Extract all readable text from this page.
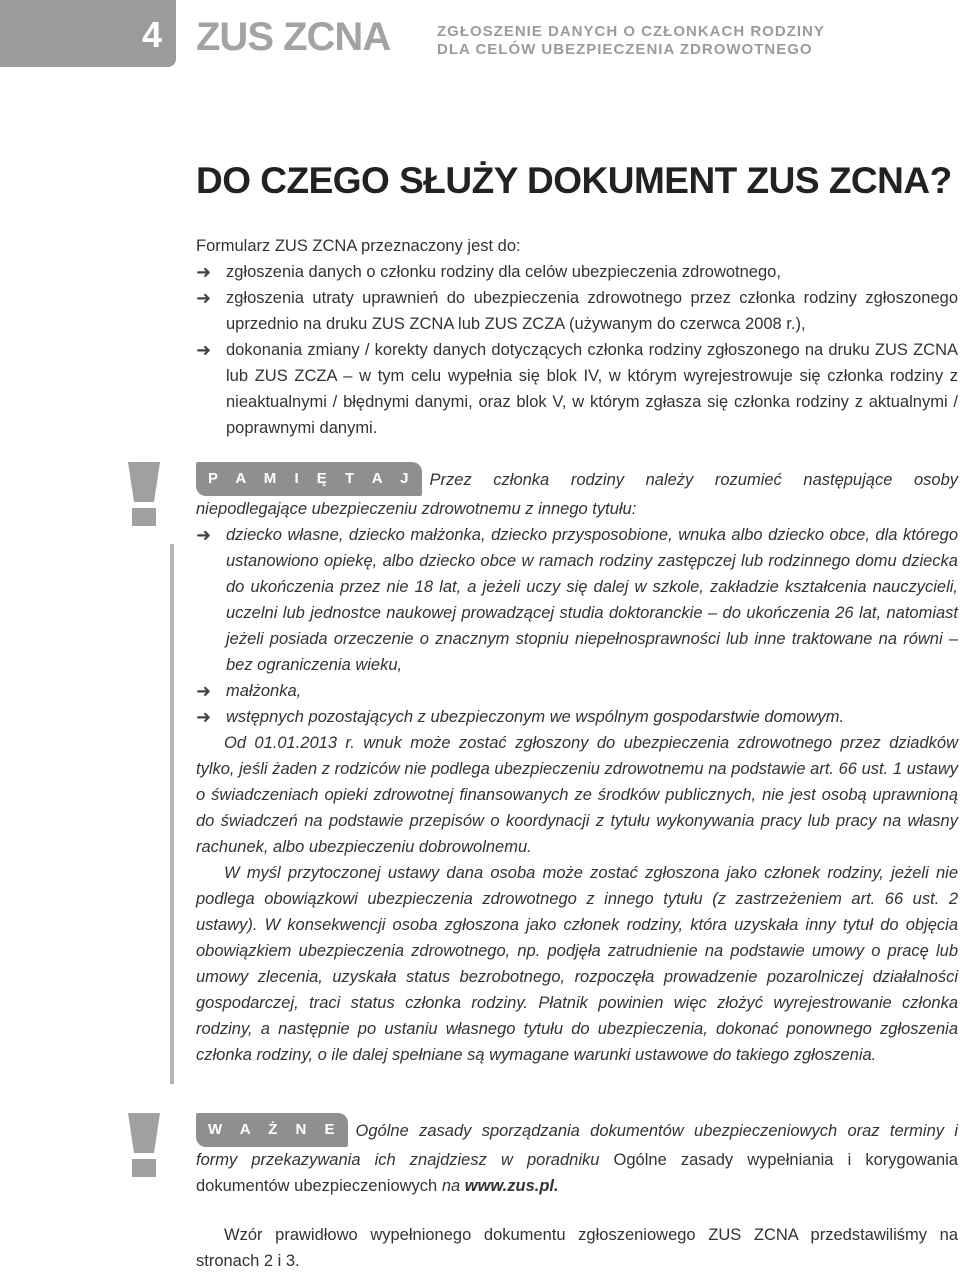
4 ZUS ZCNA	ZGŁOSZENIE DANYCH O CZŁONKACH RODZINY
DLA CELÓW UBEZPIECZENIA ZDROWOTNEGO
DO CZEGO SŁUŻY DOKUMENT ZUS ZCNA?

Formularz ZUS ZCNA przeznaczony jest do:

➜ zgłoszenia danych o członku rodziny dla celów ubezpieczenia zdrowotnego,
➜ zgłoszenia utraty uprawnień do ubezpieczenia zdrowotnego przez członka rodziny zgłoszonego uprzednio na druku ZUS ZCNA lub ZUS ZCZA (używanym do czerwca 2008 r.),
➜ dokonania zmiany / korekty danych dotyczących członka rodziny zgłoszonego na druku ZUS ZCNA lub ZUS ZCZA – w tym celu wypełnia się blok IV, w którym wyrejestrowuje się członka rodziny z nieaktualnymi / błędnymi danymi, oraz blok V, w którym zgłasza się członka rodziny z aktualnymi / poprawnymi danymi.

P A M I Ę T A J Przez członka rodziny należy rozumieć następujące osoby niepodlegające ubezpieczeniu zdrowotnemu z innego tytułu:

➜ dziecko własne, dziecko małżonka, dziecko przysposobione, wnuka albo dziecko obce, dla którego ustanowiono opiekę, albo dziecko obce w ramach rodziny zastępczej lub rodzinnego domu dziecka do ukończenia przez nie 18 lat, a jeżeli uczy się dalej w szkole, zakładzie kształcenia nauczycieli, uczelni lub jednostce naukowej prowadzącej studia doktoranckie – do ukończenia 26 lat, natomiast jeżeli posiada orzeczenie o znacznym stopniu niepełnosprawności lub inne traktowane na równi – bez ograniczenia wieku,
➜ małżonka,
➜ wstępnych pozostających z ubezpieczonym we wspólnym gospodarstwie domowym.

Od 01.01.2013 r. wnuk może zostać zgłoszony do ubezpieczenia zdrowotnego przez dziadków tylko, jeśli żaden z rodziców nie podlega ubezpieczeniu zdrowotnemu na podstawie art. 66 ust. 1 ustawy o świadczeniach opieki zdrowotnej finansowanych ze środków publicznych, nie jest osobą uprawnioną do świadczeń na podstawie przepisów o koordynacji z tytułu wykonywania pracy lub pracy na własny rachunek, albo ubezpieczeniu dobrowolnemu.

W myśl przytoczonej ustawy dana osoba może zostać zgłoszona jako członek rodziny, jeżeli nie podlega obowiązkowi ubezpieczenia zdrowotnego z innego tytułu (z zastrzeżeniem art. 66 ust. 2 ustawy). W konsekwencji osoba zgłoszona jako członek rodziny, która uzyskała inny tytuł do objęcia obowiązkiem ubezpieczenia zdrowotnego, np. podjęła zatrudnienie na podstawie umowy o pracę lub umowy zlecenia, uzyskała status bezrobotnego, rozpoczęła prowadzenie pozarolniczej działalności gospodarczej, traci status członka rodziny. Płatnik powinien więc złożyć wyrejestrowanie członka rodziny, a następnie po ustaniu własnego tytułu do ubezpieczenia, dokonać ponownego zgłoszenia członka rodziny, o ile dalej spełniane są wymagane warunki ustawowe do takiego zgłoszenia.

W A Ż N E Ogólne zasady sporządzania dokumentów ubezpieczeniowych oraz terminy i formy przekazywania ich znajdziesz w poradniku Ogólne zasady wypełniania i korygowania dokumentów ubezpieczeniowych na www.zus.pl.

Wzór prawidłowo wypełnionego dokumentu zgłoszeniowego ZUS ZCNA przedstawiliśmy na stronach 2 i 3.
